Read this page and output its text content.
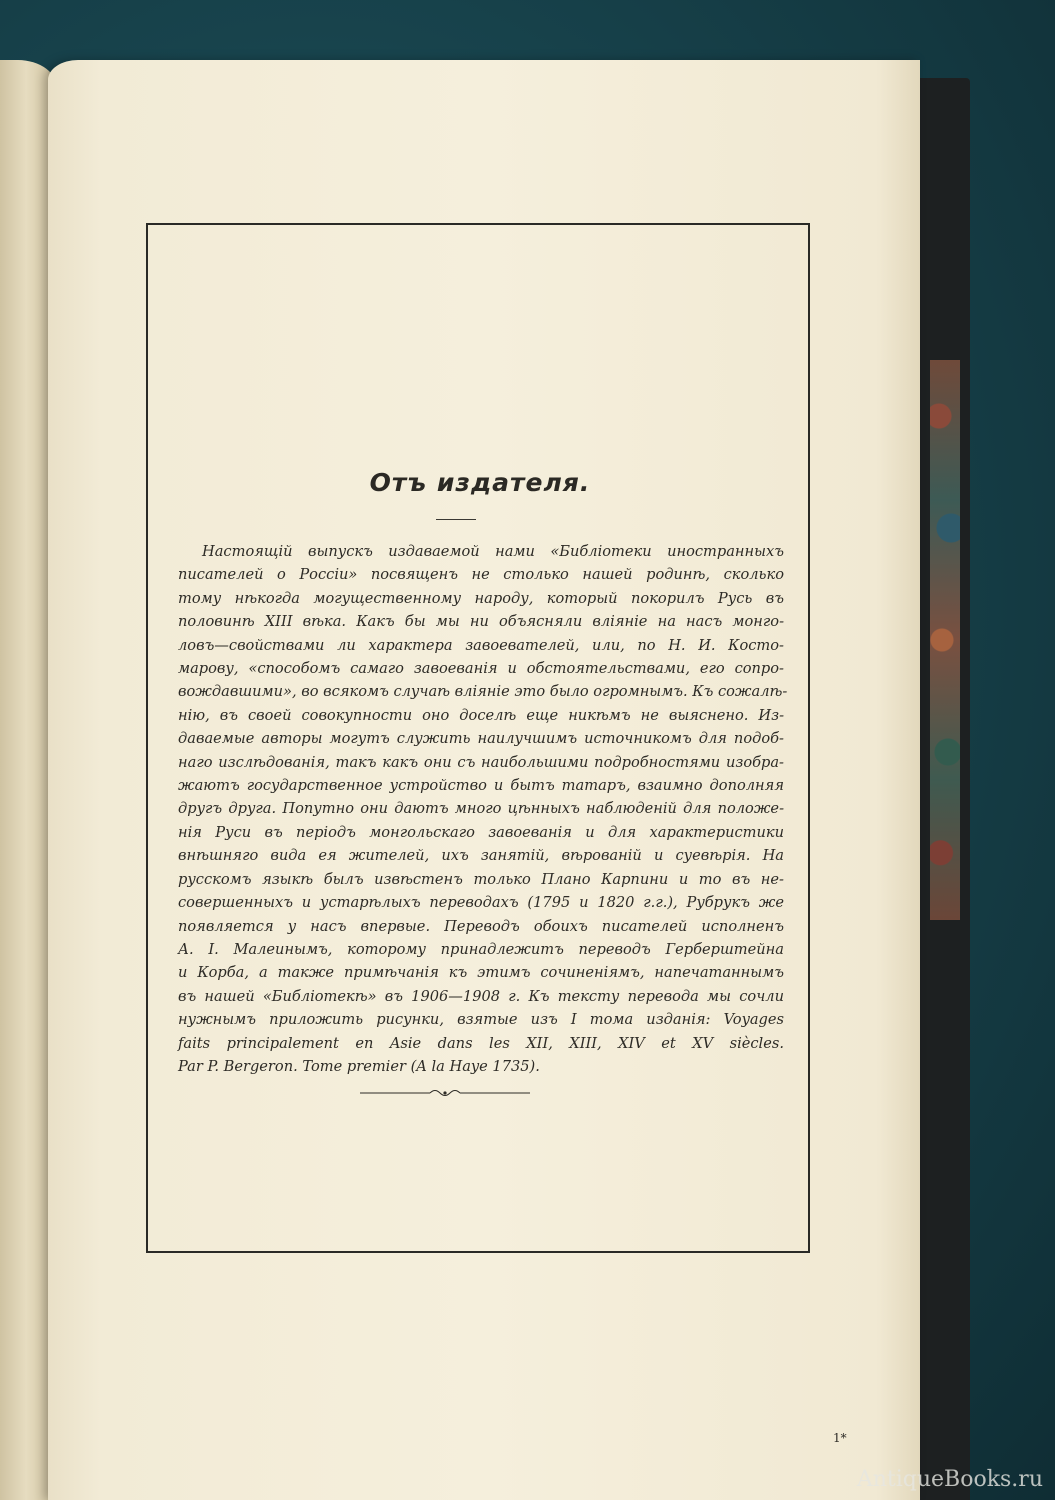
Отъ издателя.
Настоящій выпускъ издаваемой нами «Библіотеки иностранныхъ
писателей о Россіи» посвященъ не столько нашей родинѣ, сколько
тому нѣкогда могущественному народу, который покорилъ Русь въ
половинѣ XIII вѣка. Какъ бы мы ни объясняли вліяніе на насъ монго-
ловъ—свойствами ли характера завоевателей, или, по Н. И. Косто-
марову, «способомъ самаго завоеванія и обстоятельствами, его сопро-
вождавшими», во всякомъ случаѣ вліяніе это было огромнымъ. Къ сожалѣ-
нію, въ своей совокупности оно доселѣ еще никѣмъ не выяснено. Из-
даваемые авторы могутъ служить наилучшимъ источникомъ для подоб-
наго изслѣдованія, такъ какъ они съ наибольшими подробностями изобра-
жаютъ государственное устройство и бытъ татаръ, взаимно дополняя
другъ друга. Попутно они даютъ много цѣнныхъ наблюденій для положе-
нія Руси въ періодъ монгольскаго завоеванія и для характеристики
внѣшняго вида ея жителей, ихъ занятій, вѣрованій и суевѣрія. На
русскомъ языкѣ былъ извѣстенъ только Плано Карпини и то въ не-
совершенныхъ и устарѣлыхъ переводахъ (1795 и 1820 г.г.), Рубрукъ же
появляется у насъ впервые. Переводъ обоихъ писателей исполненъ
А. I. Малеинымъ, которому принадлежитъ переводъ Герберштейна
и Корба, а также примѣчанія къ этимъ сочиненіямъ, напечатаннымъ
въ нашей «Библіотекѣ» въ 1906—1908 г. Къ тексту перевода мы сочли
нужнымъ приложить рисунки, взятые изъ I тома изданія: Voyages
faits principalement en Asie dans les XII, XIII, XIV et XV siècles.
Par P. Bergeron. Tome premier (A la Haye 1735).
1*
AntiqueBooks.ru
